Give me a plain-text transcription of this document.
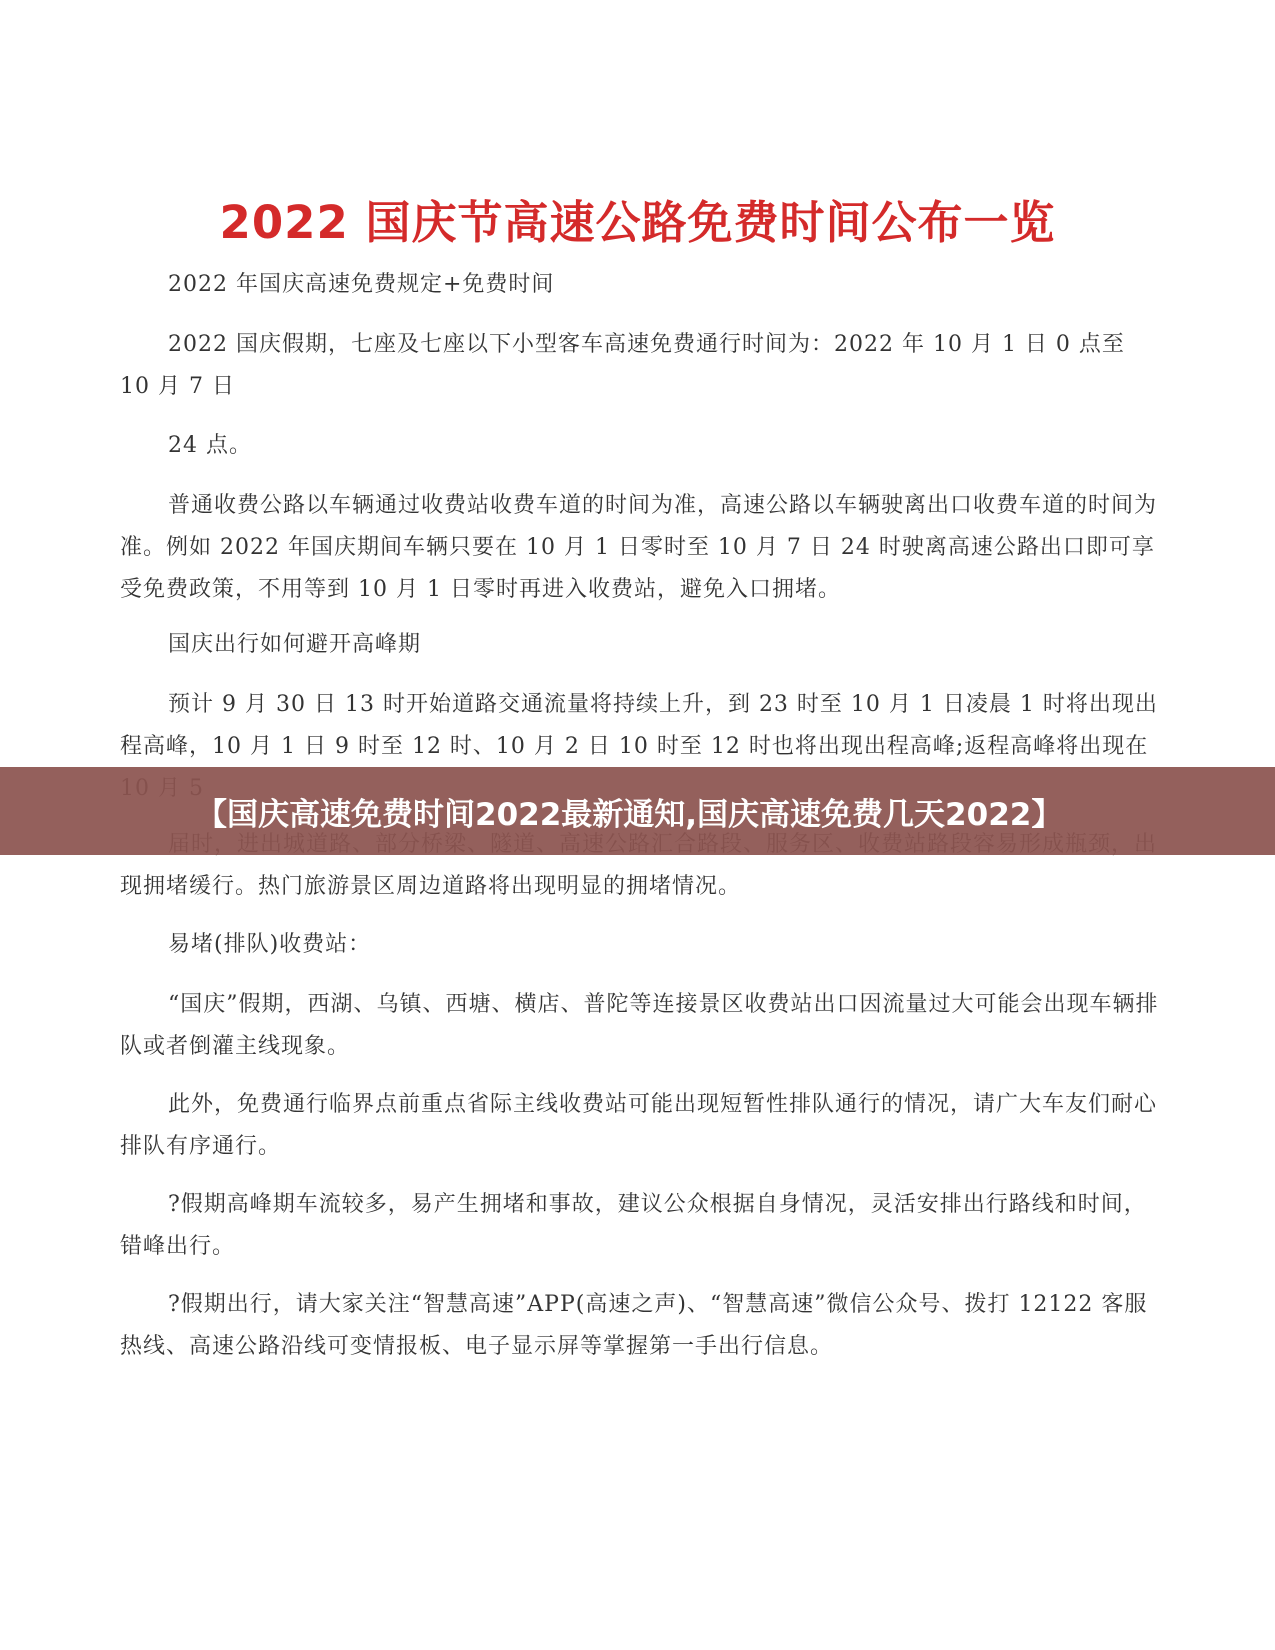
2022 国庆节高速公路免费时间公布一览

2022 年国庆高速免费规定+免费时间

2022 国庆假期，七座及七座以下小型客车高速免费通行时间为：2022 年 10 月 1 日 0 点至 10 月 7 日

24 点。

普通收费公路以车辆通过收费站收费车道的时间为准，高速公路以车辆驶离出口收费车道的时间为准。例如 2022 年国庆期间车辆只要在 10 月 1 日零时至 10 月 7 日 24 时驶离高速公路出口即可享受免费政策，不用等到 10 月 1 日零时再进入收费站，避免入口拥堵。

国庆出行如何避开高峰期

预计 9 月 30 日 13 时开始道路交通流量将持续上升，到 23 时至 10 月 1 日凌晨 1 时将出现出程高峰，10 月 1 日 9 时至 12 时、10 月 2 日 10 时至 12 时也将出现出程高峰;返程高峰将出现在

现拥堵缓行。热门旅游景区周边道路将出现明显的拥堵情况。

易堵(排队)收费站：

“国庆”假期，西湖、乌镇、西塘、横店、普陀等连接景区收费站出口因流量过大可能会出现车辆排队或者倒灌主线现象。

此外，免费通行临界点前重点省际主线收费站可能出现短暂性排队通行的情况，请广大车友们耐心排队有序通行。

?假期高峰期车流较多，易产生拥堵和事故，建议公众根据自身情况，灵活安排出行路线和时间，错峰出行。

?假期出行，请大家关注“智慧高速”APP(高速之声)、“智慧高速”微信公众号、拨打 12122 客服热线、高速公路沿线可变情报板、电子显示屏等掌握第一手出行信息。

【国庆高速免费时间2022最新通知,国庆高速免费几天2022】
